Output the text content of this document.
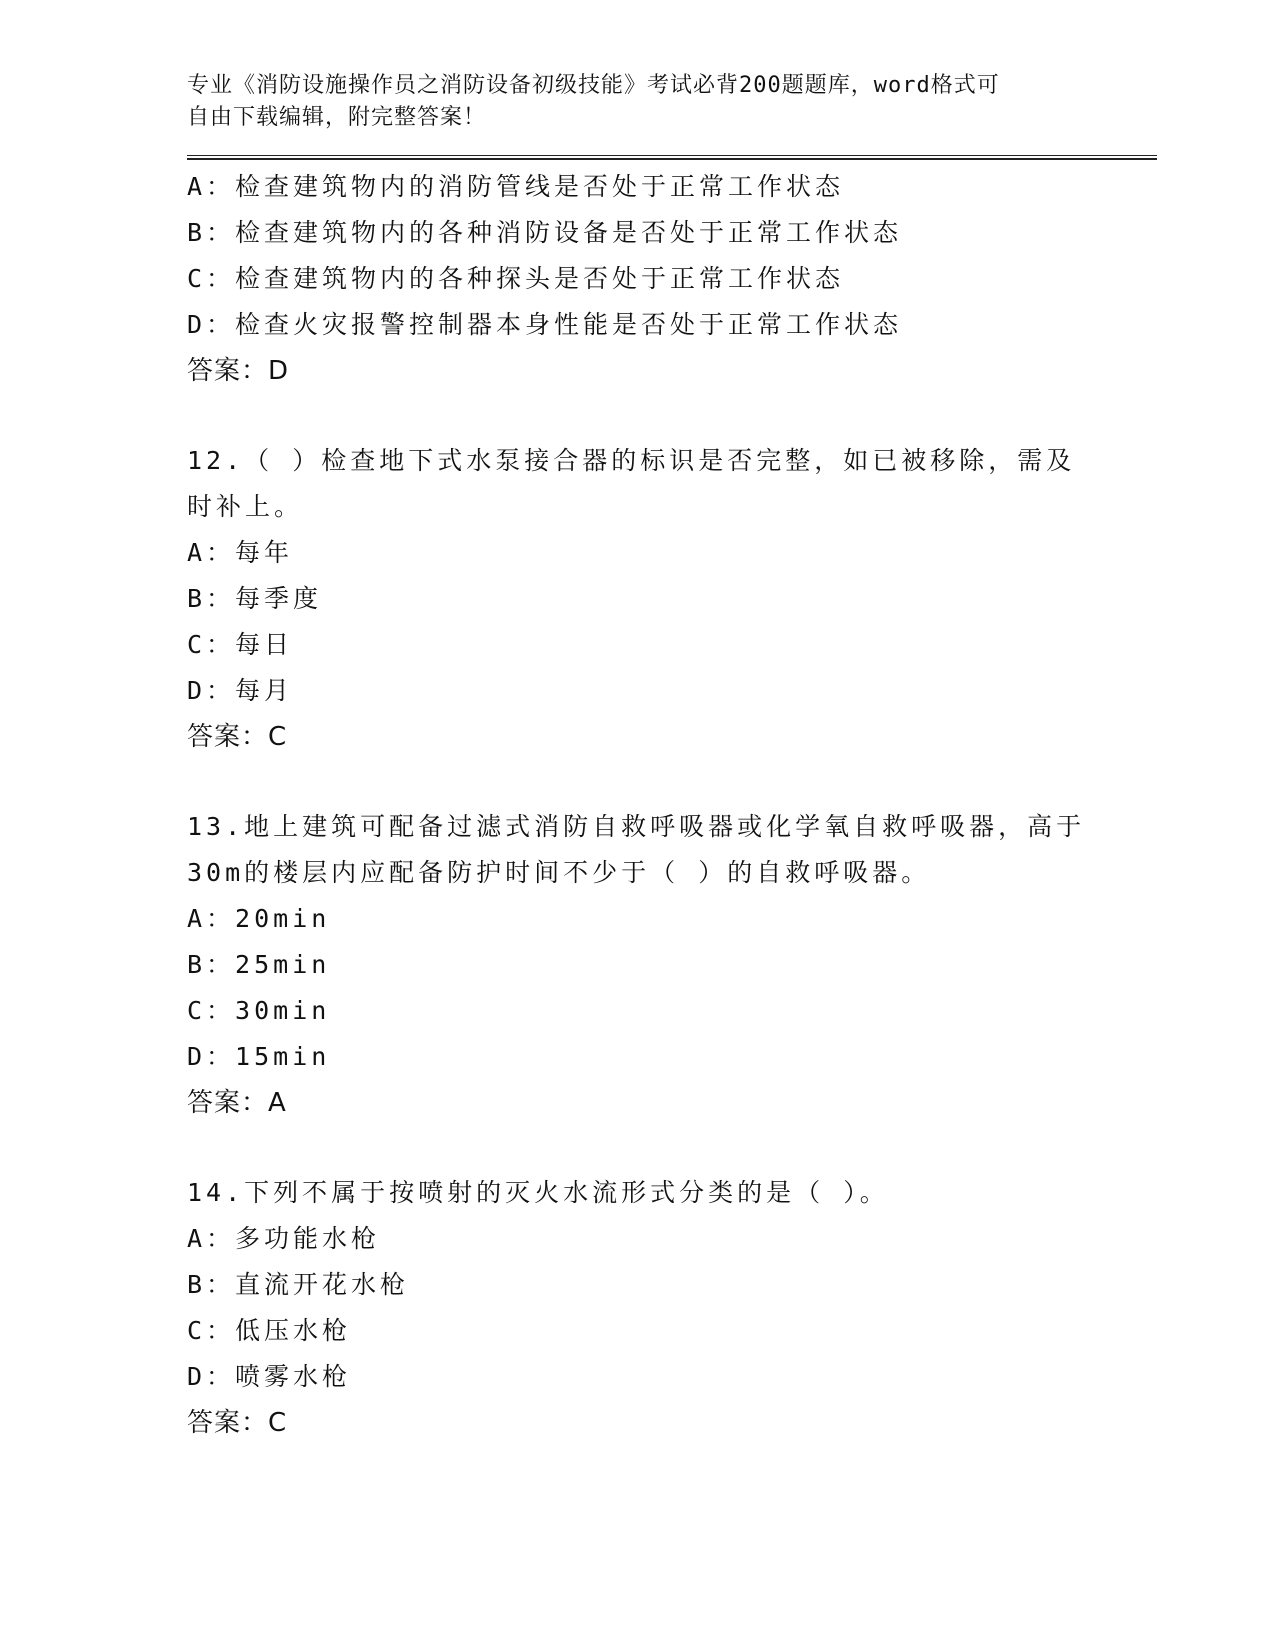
专业《消防设施操作员之消防设备初级技能》考试必背200题题库，word格式可
自由下载编辑，附完整答案！
A：检查建筑物内的消防管线是否处于正常工作状态
B：检查建筑物内的各种消防设备是否处于正常工作状态
C：检查建筑物内的各种探头是否处于正常工作状态
D：检查火灾报警控制器本身性能是否处于正常工作状态
答案：D
12.（ ）检查地下式水泵接合器的标识是否完整，如已被移除，需及
时补上。
A：每年
B：每季度
C：每日
D：每月
答案：C
13.地上建筑可配备过滤式消防自救呼吸器或化学氧自救呼吸器，高于
30m的楼层内应配备防护时间不少于（ ）的自救呼吸器。
A：20min
B：25min
C：30min
D：15min
答案：A
14.下列不属于按喷射的灭火水流形式分类的是（ ）。
A：多功能水枪
B：直流开花水枪
C：低压水枪
D：喷雾水枪
答案：C
